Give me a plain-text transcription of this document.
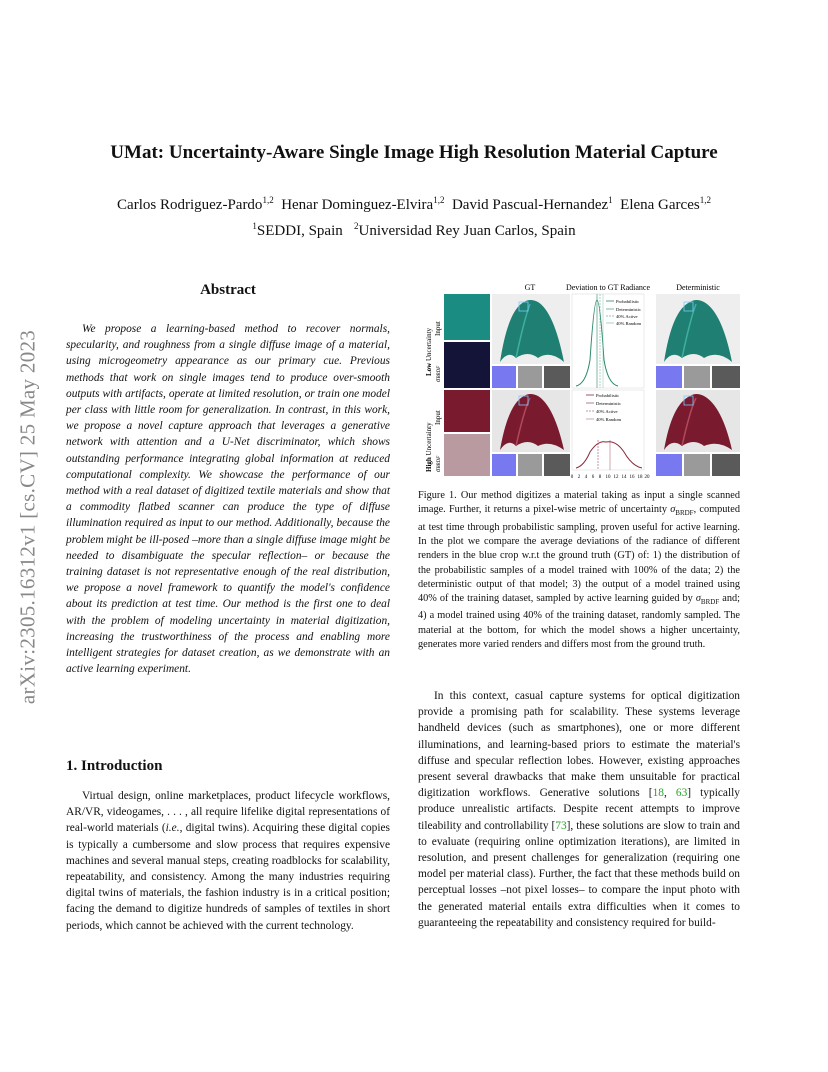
arXiv:2305.16312v1 [cs.CV] 25 May 2023
UMat: Uncertainty-Aware Single Image High Resolution Material Capture
Carlos Rodriguez-Pardo$^{1,2}$ Henar Dominguez-Elvira$^{1,2}$ David Pascual-Hernandez$^1$ Elena Garces$^{1,2}$
$^1$SEDDI, Spain $^2$Universidad Rey Juan Carlos, Spain
Abstract
We propose a learning-based method to recover normals, specularity, and roughness from a single diffuse image of a material, using microgeometry appearance as our primary cue. Previous methods that work on single images tend to produce over-smooth outputs with artifacts, operate at limited resolution, or train one model per class with little room for generalization. In contrast, in this work, we propose a novel capture approach that leverages a generative network with attention and a U-Net discriminator, which shows outstanding performance integrating global information at reduced computational complexity. We showcase the performance of our method with a real dataset of digitized textile materials and show that a commodity flatbed scanner can produce the type of diffuse illumination required as input to our method. Additionally, because the problem might be ill-posed –more than a single diffuse image might be needed to disambiguate the specular reflection– or because the training dataset is not representative enough of the real distribution, we propose a novel framework to quantify the model's confidence about its prediction at test time. Our method is the first one to deal with the problem of modeling uncertainty in material digitization, increasing the trustworthiness of the process and enabling more intelligent strategies for dataset creation, as we demonstrate with an active learning experiment.
1. Introduction
Virtual design, online marketplaces, product lifecycle workflows, AR/VR, videogames, . . . , all require lifelike digital representations of real-world materials (i.e., digital twins). Acquiring these digital copies is typically a cumbersome and slow process that requires expensive machines and several manual steps, creating roadblocks for scalability, repeatability, and consistency. Among the many industries requiring digital twins of materials, the fashion industry is in a critical position; facing the demand to digitize hundreds of samples of textiles in short periods, which cannot be achieved with the current technology.
GT	Deviation to GT Radiance	Deterministic
Low Uncertainty Input
σBRDF
High Uncertainty
Input
σBRDF
Probabilistic
Deterministic
40% Active
40% Random
Probabilistic
Deterministic
40% Active
40% Random
0 2 4 6 8 10 12 14 16 18 20
Figure 1. Our method digitizes a material taking as input a single scanned image. Further, it returns a pixel-wise metric of uncertainty $\sigma_{BRDF}$, computed at test time through probabilistic sampling, proven useful for active learning. In the plot we compare the average deviations of the radiance of different renders in the blue crop w.r.t the ground truth (GT) of: 1) the distribution of the probabilistic samples of a model trained with 100% of the data; 2) the deterministic output of that model; 3) the output of a model trained using 40% of the training dataset, sampled by active learning guided by $\sigma_{BRDF}$ and; 4) a model trained using 40% of the training dataset, randomly sampled. The material at the bottom, for which the model shows a higher uncertainty, generates more varied renders and differs most from the ground truth.
In this context, casual capture systems for optical digitization provide a promising path for scalability. These systems leverage handheld devices (such as smartphones), one or more different illuminations, and learning-based priors to estimate the material's diffuse and specular reflection lobes. However, existing approaches present several drawbacks that make them unsuitable for practical digitization workflows. Generative solutions [18, 63] typically produce unrealistic artifacts. Despite recent attempts to improve tileability and controllability [73], these solutions are slow to train and to evaluate (requiring online optimization iterations), are limited in resolution, and present challenges for generalization (requiring one model per material class). Further, the fact that these methods build on perceptual losses –not pixel losses– to compare the input photo with the generated material entails extra difficulties when it comes to guaranteeing the repeatability and consistency required for build-
